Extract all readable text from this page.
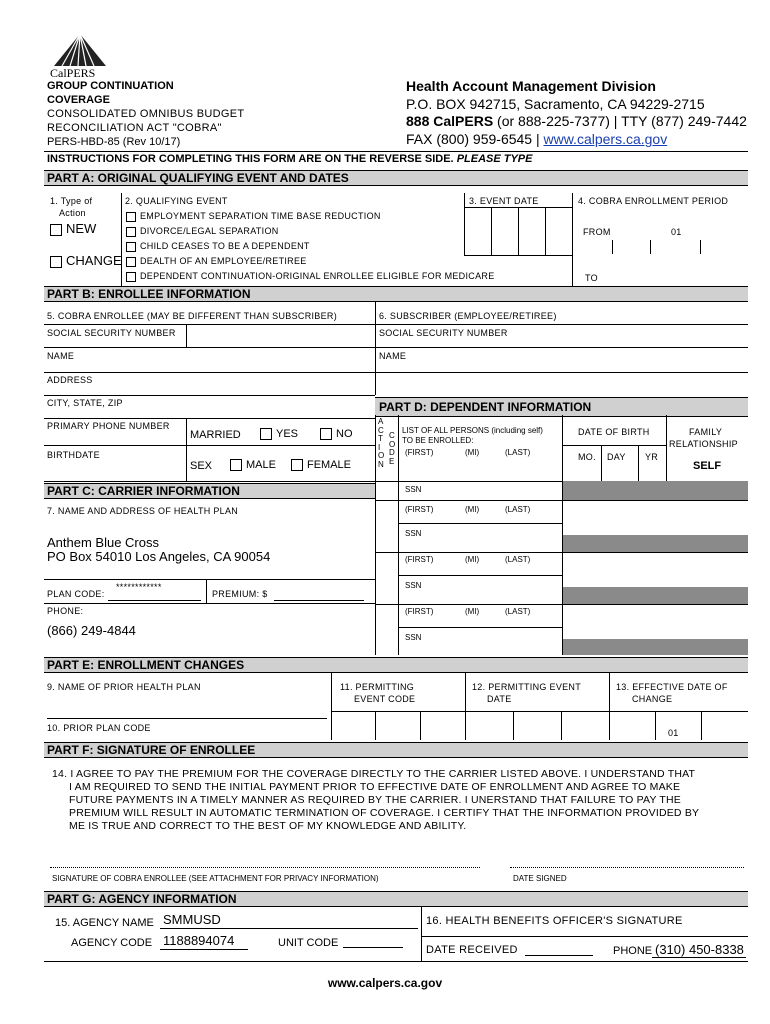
CalPERS
GROUP CONTINUATION
COVERAGE
CONSOLIDATED OMNIBUS BUDGET
RECONCILIATION ACT "COBRA"
PERS-HBD-85 (Rev 10/17)
Health Account Management Division
P.O. BOX 942715, Sacramento, CA 94229-2715
888 CalPERS (or 888-225-7377) | TTY (877) 249-7442
FAX (800) 959-6545 | www.calpers.ca.gov
INSTRUCTIONS FOR COMPLETING THIS FORM ARE ON THE REVERSE SIDE. PLEASE TYPE
PART A: ORIGINAL QUALIFYING EVENT AND DATES
1. Type of
Action
NEW
CHANGE
2. QUALIFYING EVENT
EMPLOYMENT SEPARATION TIME BASE REDUCTION
DIVORCE/LEGAL SEPARATION
CHILD CEASES TO BE A DEPENDENT
DEALTH OF AN EMPLOYEE/RETIREE
DEPENDENT CONTINUATION-ORIGINAL ENROLLEE ELIGIBLE FOR MEDICARE
3. EVENT DATE	4. COBRA ENROLLMENT PERIOD
FROM	01
TO
PART B: ENROLLEE INFORMATION
5. COBRA ENROLLEE (MAY BE DIFFERENT THAN SUBSCRIBER)	6. SUBSCRIBER (EMPLOYEE/RETIREE)
SOCIAL SECURITY NUMBER	SOCIAL SECURITY NUMBER
NAME	NAME
ADDRESS
CITY, STATE, ZIP
PRIMARY PHONE NUMBER
BIRTHDATE
MARRIED	YES	NO
SEX	MALE	FEMALE
PART C: CARRIER INFORMATION
7. NAME AND ADDRESS OF HEALTH PLAN
Anthem Blue Cross
PO Box 54010 Los Angeles, CA 90054
PLAN CODE:
************
PREMIUM: $
PHONE:
(866) 249-4844
PART D: DEPENDENT INFORMATION
A
C
T
I
O
N
C
O
D
E
LIST OF ALL PERSONS (including self)
TO BE ENROLLED:
(FIRST)	(MI)	(LAST)
DATE OF BIRTH
MO. DAY YR
FAMILY
RELATIONSHIP
SELF
SSN
(FIRST)	(MI)	(LAST)
SSN
(FIRST)	(MI)	(LAST)
SSN
(FIRST)	(MI)	(LAST)
SSN
PART E: ENROLLMENT CHANGES
9. NAME OF PRIOR HEALTH PLAN
10. PRIOR PLAN CODE
11. PERMITTING
EVENT CODE
12. PERMITTING EVENT
DATE
13. EFFECTIVE DATE OF
CHANGE
01
PART F: SIGNATURE OF ENROLLEE
14. I AGREE TO PAY THE PREMIUM FOR THE COVERAGE DIRECTLY TO THE CARRIER LISTED ABOVE. I UNDERSTAND THAT
I AM REQUIRED TO SEND THE INITIAL PAYMENT PRIOR TO EFFECTIVE DATE OF ENROLLMENT AND AGREE TO MAKE
FUTURE PAYMENTS IN A TIMELY MANNER AS REQUIRED BY THE CARRIER. I UNERSTAND THAT FAILURE TO PAY THE
PREMIUM WILL RESULT IN AUTOMATIC TERMINATION OF COVERAGE. I CERTIFY THAT THE INFORMATION PROVIDED BY
ME IS TRUE AND CORRECT TO THE BEST OF MY KNOWLEDGE AND ABILITY.
SIGNATURE OF COBRA ENROLLEE (SEE ATTACHMENT FOR PRIVACY INFORMATION)	DATE SIGNED
PART G: AGENCY INFORMATION
15. AGENCY NAME SMMUSD
AGENCY CODE 1188894074	UNIT CODE
16. HEALTH BENEFITS OFFICER'S SIGNATURE
DATE RECEIVED	PHONE (310) 450-8338
www.calpers.ca.gov
